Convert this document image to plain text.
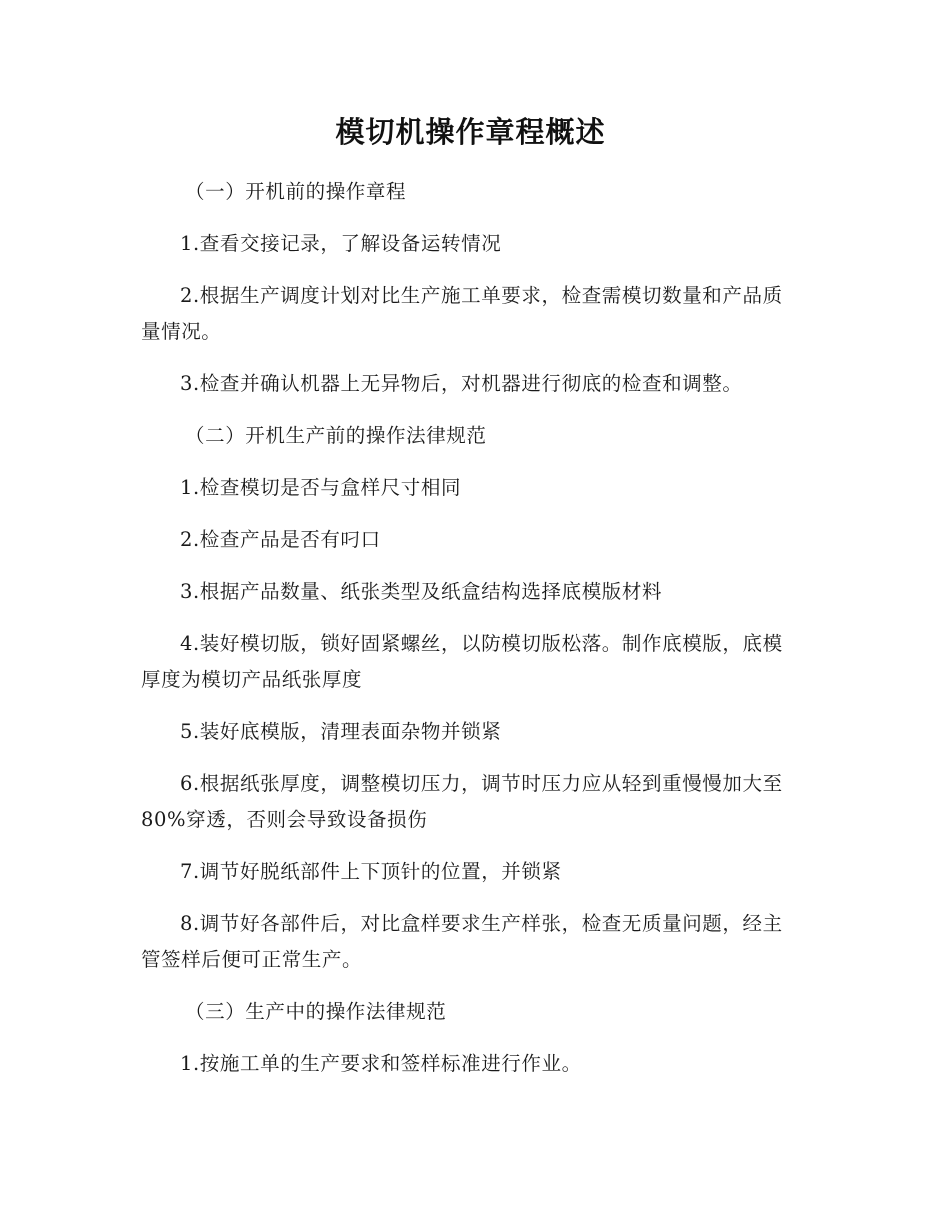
模切机操作章程概述
（一）开机前的操作章程

1.查看交接记录，了解设备运转情况

2.根据生产调度计划对比生产施工单要求，检查需模切数量和产品质量情况。

3.检查并确认机器上无异物后，对机器进行彻底的检查和调整。

（二）开机生产前的操作法律规范

1.检查模切是否与盒样尺寸相同

2.检查产品是否有叼口

3.根据产品数量、纸张类型及纸盒结构选择底模版材料

4.装好模切版，锁好固紧螺丝，以防模切版松落。制作底模版，底模厚度为模切产品纸张厚度

5.装好底模版，清理表面杂物并锁紧

6.根据纸张厚度，调整模切压力，调节时压力应从轻到重慢慢加大至80%穿透，否则会导致设备损伤

7.调节好脱纸部件上下顶针的位置，并锁紧

8.调节好各部件后，对比盒样要求生产样张，检查无质量问题，经主管签样后便可正常生产。

（三）生产中的操作法律规范

1.按施工单的生产要求和签样标准进行作业。
